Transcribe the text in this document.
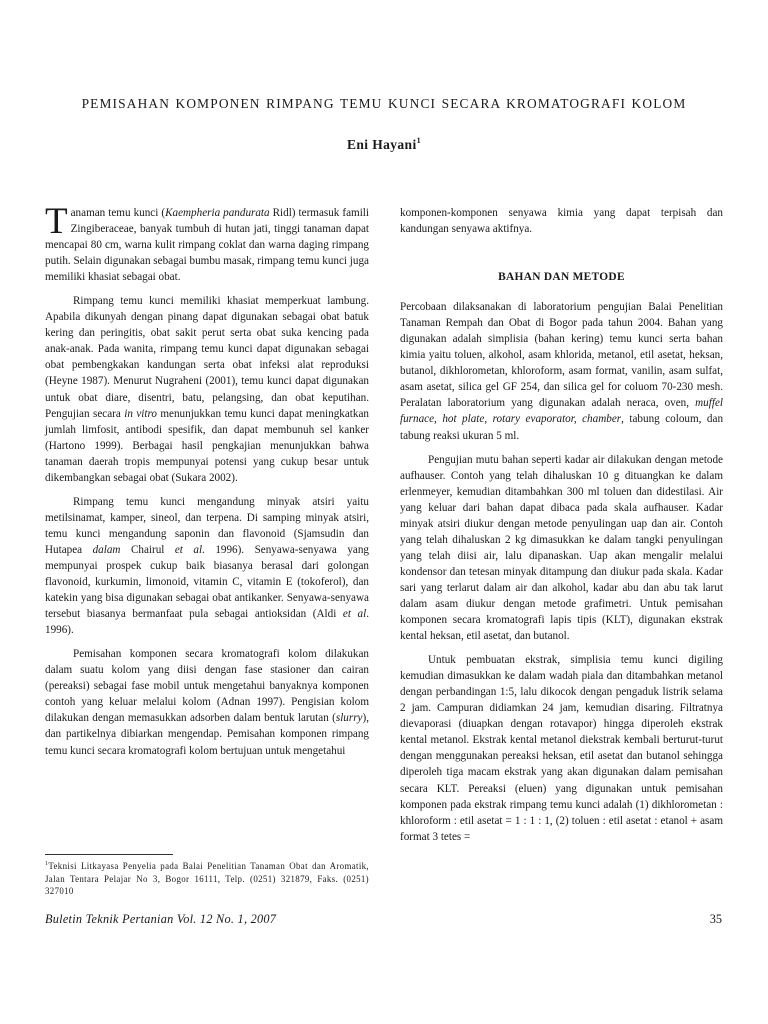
PEMISAHAN KOMPONEN RIMPANG TEMU KUNCI SECARA KROMATOGRAFI KOLOM
Eni Hayani$^1$

Tanaman temu kunci (Kaempheria pandurata Ridl) termasuk famili Zingiberaceae, banyak tumbuh di hutan jati, tinggi tanaman dapat mencapai 80 cm, warna kulit rimpang coklat dan warna daging rimpang putih. Selain digunakan sebagai bumbu masak, rimpang temu kunci juga memiliki khasiat sebagai obat.

Rimpang temu kunci memiliki khasiat memperkuat lambung. Apabila dikunyah dengan pinang dapat digunakan sebagai obat batuk kering dan peringitis, obat sakit perut serta obat suka kencing pada anak-anak. Pada wanita, rimpang temu kunci dapat digunakan sebagai obat pembengkakan kandungan serta obat infeksi alat reproduksi (Heyne 1987). Menurut Nugraheni (2001), temu kunci dapat digunakan untuk obat diare, disentri, batu, pelangsing, dan obat keputihan. Pengujian secara in vitro menunjukkan temu kunci dapat meningkatkan jumlah limfosit, antibodi spesifik, dan dapat membunuh sel kanker (Hartono 1999). Berbagai hasil pengkajian menunjukkan bahwa tanaman daerah tropis mempunyai potensi yang cukup besar untuk dikembangkan sebagai obat (Sukara 2002).

Rimpang temu kunci mengandung minyak atsiri yaitu metilsinamat, kamper, sineol, dan terpena. Di samping minyak atsiri, temu kunci mengandung saponin dan flavonoid (Sjamsudin dan Hutapea dalam Chairul et al. 1996). Senyawa-senyawa yang mempunyai prospek cukup baik biasanya berasal dari golongan flavonoid, kurkumin, limonoid, vitamin C, vitamin E (tokoferol), dan katekin yang bisa digunakan sebagai obat antikanker. Senyawa-senyawa tersebut biasanya bermanfaat pula sebagai antioksidan (Aldi et al. 1996).

Pemisahan komponen secara kromatografi kolom dilakukan dalam suatu kolom yang diisi dengan fase stasioner dan cairan (pereaksi) sebagai fase mobil untuk mengetahui banyaknya komponen contoh yang keluar melalui kolom (Adnan 1997). Pengisian kolom dilakukan dengan memasukkan adsorben dalam bentuk larutan (slurry), dan partikelnya dibiarkan mengendap. Pemisahan komponen rimpang temu kunci secara kromatografi kolom bertujuan untuk mengetahui

komponen-komponen senyawa kimia yang dapat terpisah dan kandungan senyawa aktifnya.

BAHAN DAN METODE

Percobaan dilaksanakan di laboratorium pengujian Balai Penelitian Tanaman Rempah dan Obat di Bogor pada tahun 2004. Bahan yang digunakan adalah simplisia (bahan kering) temu kunci serta bahan kimia yaitu toluen, alkohol, asam khlorida, metanol, etil asetat, heksan, butanol, dikhlorometan, khloroform, asam format, vanilin, asam sulfat, asam asetat, silica gel GF 254, dan silica gel for coluom 70-230 mesh. Peralatan laboratorium yang digunakan adalah neraca, oven, muffel furnace, hot plate, rotary evaporator, chamber, tabung coloum, dan tabung reaksi ukuran 5 ml.

Pengujian mutu bahan seperti kadar air dilakukan dengan metode aufhauser. Contoh yang telah dihaluskan 10 g dituangkan ke dalam erlenmeyer, kemudian ditambahkan 300 ml toluen dan didestilasi. Air yang keluar dari bahan dapat dibaca pada skala aufhauser. Kadar minyak atsiri diukur dengan metode penyulingan uap dan air. Contoh yang telah dihaluskan 2 kg dimasukkan ke dalam tangki penyulingan yang telah diisi air, lalu dipanaskan. Uap akan mengalir melalui kondensor dan tetesan minyak ditampung dan diukur pada skala. Kadar sari yang terlarut dalam air dan alkohol, kadar abu dan abu tak larut dalam asam diukur dengan metode grafimetri. Untuk pemisahan komponen secara kromatografi lapis tipis (KLT), digunakan ekstrak kental heksan, etil asetat, dan butanol.

Untuk pembuatan ekstrak, simplisia temu kunci digiling kemudian dimasukkan ke dalam wadah piala dan ditambahkan metanol dengan perbandingan 1:5, lalu dikocok dengan pengaduk listrik selama 2 jam. Campuran didiamkan 24 jam, kemudian disaring. Filtratnya dievaporasi (diuapkan dengan rotavapor) hingga diperoleh ekstrak kental metanol. Ekstrak kental metanol diekstrak kembali berturut-turut dengan menggunakan pereaksi heksan, etil asetat dan butanol sehingga diperoleh tiga macam ekstrak yang akan digunakan dalam pemisahan secara KLT. Pereaksi (eluen) yang digunakan untuk pemisahan komponen pada ekstrak rimpang temu kunci adalah (1) dikhlorometan : khloroform : etil asetat = 1 : 1 : 1, (2) toluen : etil asetat : etanol + asam format 3 tetes =

$^1$Teknisi Litkayasa Penyelia pada Balai Penelitian Tanaman Obat dan Aromatik, Jalan Tentara Pelajar No 3, Bogor 16111, Telp. (0251) 321879, Faks. (0251) 327010
Buletin Teknik Pertanian Vol. 12 No. 1, 2007	35
